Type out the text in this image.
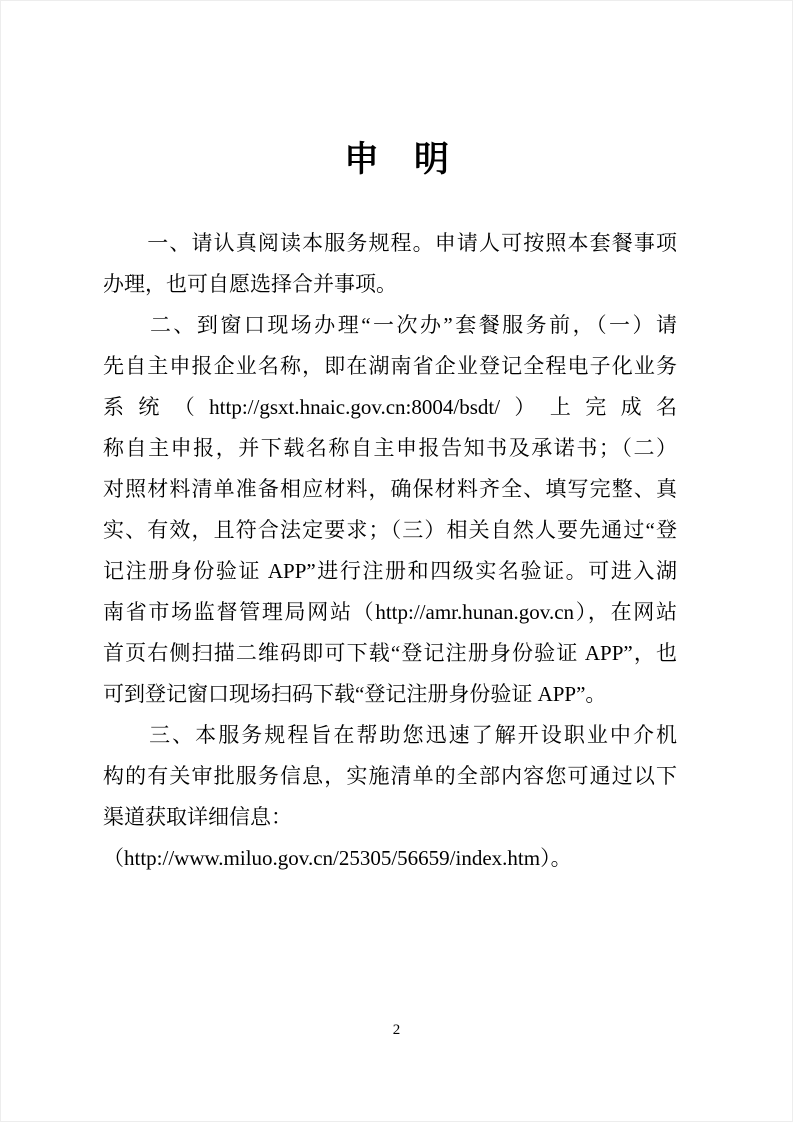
申　明
　　一、请认真阅读本服务规程。申请人可按照本套餐事项
办理，也可自愿选择合并事项。
　　二、到窗口现场办理“一次办”套餐服务前，（一）请
先自主申报企业名称，即在湖南省企业登记全程电子化业务
系统（http://gsxt.hnaic.gov.cn:8004/bsdt/）上完成名
称自主申报，并下载名称自主申报告知书及承诺书；（二）
对照材料清单准备相应材料，确保材料齐全、填写完整、真
实、有效，且符合法定要求；（三）相关自然人要先通过“登
记注册身份验证 APP”进行注册和四级实名验证。可进入湖
南省市场监督管理局网站（http://amr.hunan.gov.cn），在网站
首页右侧扫描二维码即可下载“登记注册身份验证 APP”，也
可到登记窗口现场扫码下载“登记注册身份验证 APP”。
　　三、本服务规程旨在帮助您迅速了解开设职业中介机
构的有关审批服务信息，实施清单的全部内容您可通过以下
渠道获取详细信息：
（http://www.miluo.gov.cn/25305/56659/index.htm）。
2
